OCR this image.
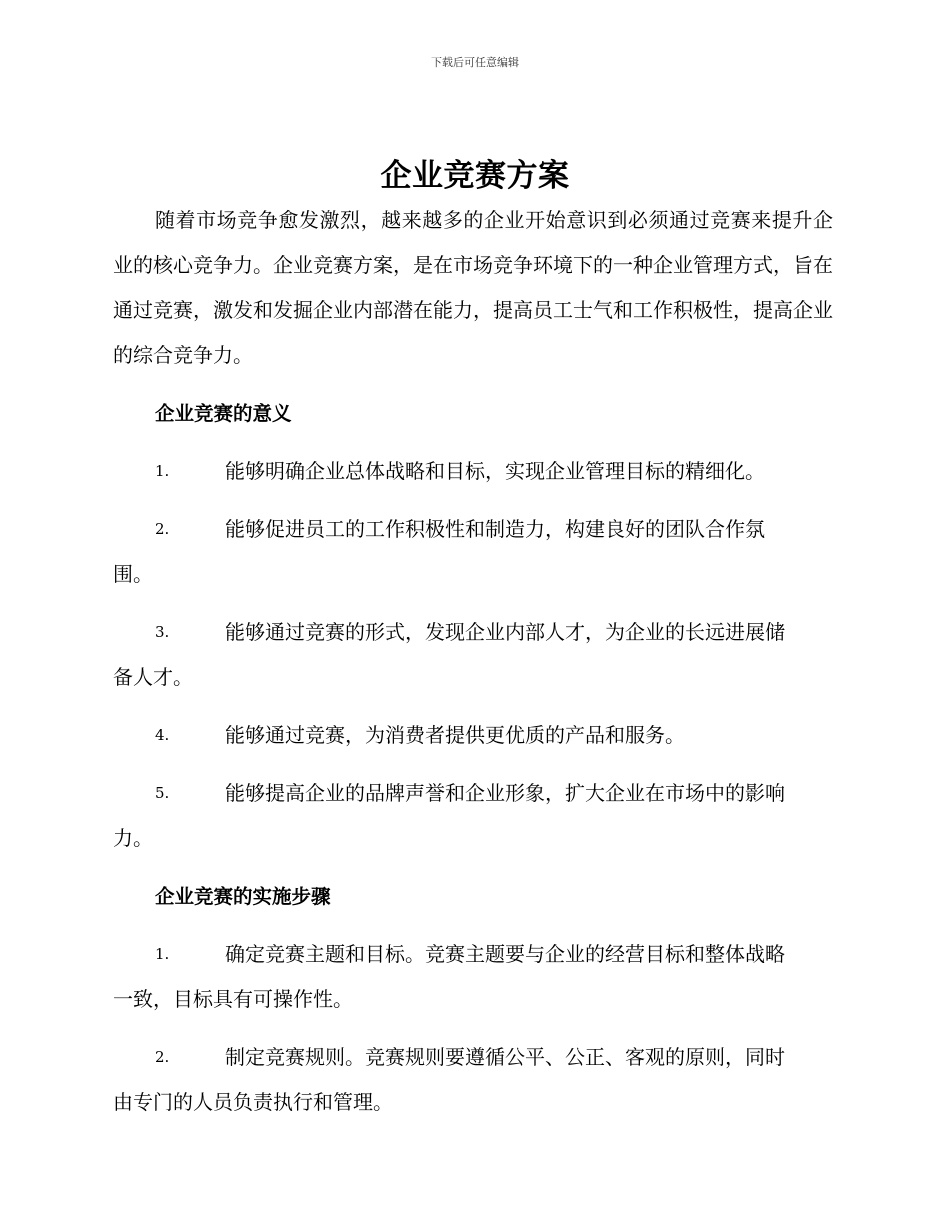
下载后可任意编辑
企业竞赛方案

随着市场竞争愈发激烈，越来越多的企业开始意识到必须通过竞赛来提升企业的核心竞争力。企业竞赛方案，是在市场竞争环境下的一种企业管理方式，旨在通过竞赛，激发和发掘企业内部潜在能力，提高员工士气和工作积极性，提高企业的综合竞争力。

企业竞赛的意义
1.	能够明确企业总体战略和目标，实现企业管理目标的精细化。
2.	能够促进员工的工作积极性和制造力，构建良好的团队合作氛
围。
3.	能够通过竞赛的形式，发现企业内部人才，为企业的长远进展储
备人才。
4.	能够通过竞赛，为消费者提供更优质的产品和服务。
5.	能够提高企业的品牌声誉和企业形象，扩大企业在市场中的影响
力。
企业竞赛的实施步骤
1.	确定竞赛主题和目标。竞赛主题要与企业的经营目标和整体战略
一致，目标具有可操作性。
2.	制定竞赛规则。竞赛规则要遵循公平、公正、客观的原则，同时
由专门的人员负责执行和管理。
